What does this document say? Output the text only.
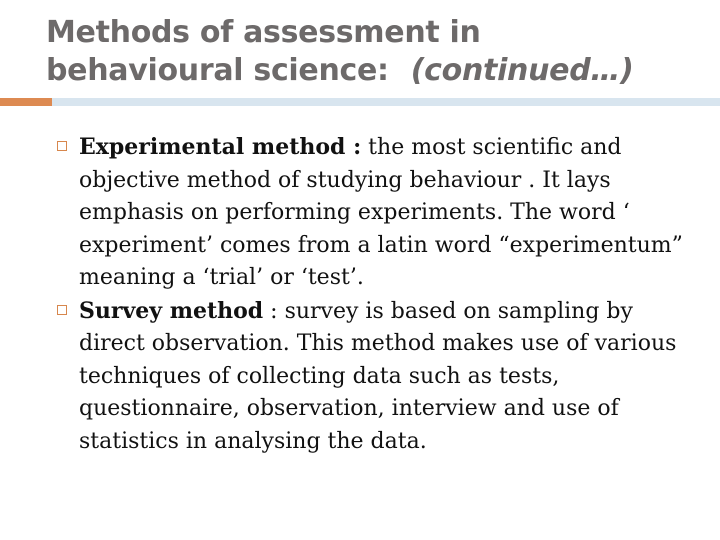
Methods of assessment in
behavioural science: (continued…)
Experimental method : the most scientific and objective method of studying behaviour . It lays emphasis on performing experiments. The word ‘ experiment’ comes from a latin word “experimentum” meaning a ‘trial’ or ‘test’.
Survey method : survey is based on sampling by direct observation. This method makes use of various techniques of collecting data such as tests, questionnaire, observation, interview and use of statistics in analysing the data.
